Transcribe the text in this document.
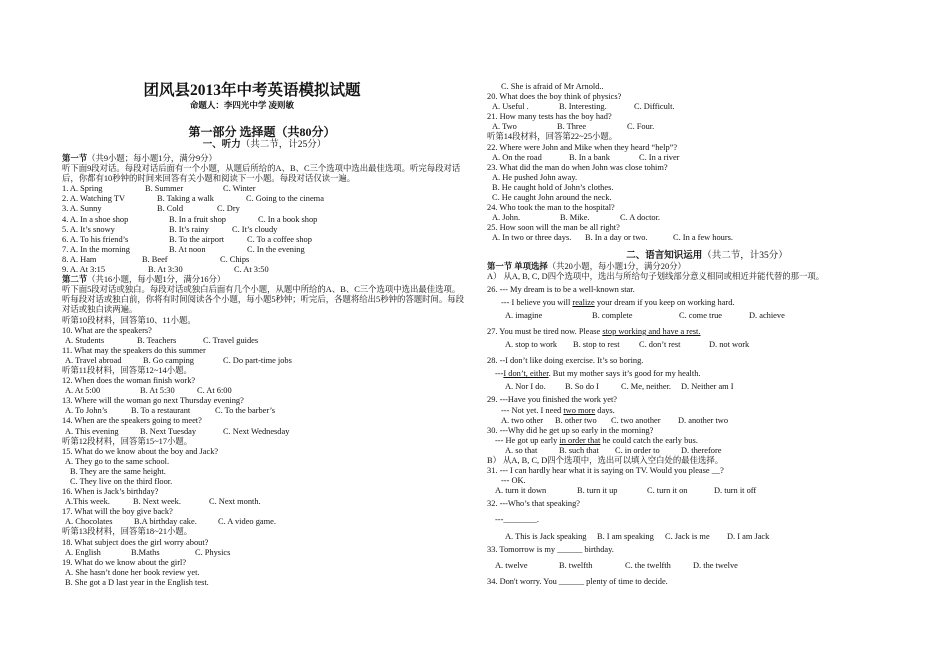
团风县2013年中考英语模拟试题
命题人：李四光中学 凌则敏
第一部分 选择题（共80分）
一、听力（共二节，计25分）
第一节（共9小题；每小题1分，满分9分）
听下面9段对话。每段对话后面有一个小题，从题后所给的A、B、C三个选项中选出最佳选项。听完每段对话后，你都有10秒钟的时间来回答有关小题和阅读下一小题。每段对话仅读一遍。
1. A. Spring	B. Summer	C. Winter
2. A. Watching TV	B. Taking a walk	C. Going to the cinema
3. A. Sunny	B. Cold	C. Dry
4. A. In a shoe shop	B. In a fruit shop	C. In a book shop
5. A. It’s snowy	B. It’s rainy	C. It’s cloudy
6. A. To his friend’s	B. To the airport	C. To a coffee shop
7. A. In the morning	B. At noon	C. In the evening
8. A. Ham	B. Beef	C. Chips
9. A. At 3:15	B. At 3:30	C. At 3:50
第二节（共16小题，每小题1分，满分16分）
听下面5段对话或独白。每段对话或独白后面有几个小题，从题中所给的A、B、C三个选项中选出最佳选项。听每段对话或独白前，你将有时间阅读各个小题，每小题5秒钟；听完后，各题将给出5秒钟的答题时间。每段对话或独白读两遍。
听第10段材料，回答第10、11小题。
10. What are the speakers?
A. Students	B. Teachers	C. Travel guides
11. What may the speakers do this summer
A. Travel abroad	B. Go camping	C. Do part-time jobs
听第11段材料，回答第12~14小题。
12. When does the woman finish work?
A. At 5:00	B. At 5:30	C. At 6:00
13. Where will the woman go next Thursday evening?
A. To John’s	B. To a restaurant	C. To the barber’s
14. When are the speakers going to meet?
A. This evening	B. Next Tuesday	C. Next Wednesday
听第12段材料，回答第15~17小题。
15. What do we know about the boy and Jack?
A. They go to the same school.
B. They are the same height.
C. They live on the third floor.
16. When is Jack’s birthday?
A.This week.	B. Next week.	C. Next month.
17. What will the boy give back?
A. Chocolates	B.A birthday cake.	C. A video game.
听第13段材料，回答第18~21小题。
18. What subject does the girl worry about?
A. English	B.Maths	C. Physics
19. What do we know about the girl?
A. She hasn’t done her book review yet.
B. She got a D last year in the English test.
C. She is afraid of Mr Arnold..
20. What does the boy think of physics?
A. Useful .	B. Interesting.	C. Difficult.
21. How many tests has the boy had?
A. Two	B. Three	C. Four.
听第14段材料，回答第22~25小题。
22. Where were John and Mike when they heard “help”?
A. On the road	B. In a bank	C. In a river
23. What did the man do when John was close tohim?
A. He pushed John away.
B. He caught hold of John’s clothes.
C. He caught John around the neck.
24. Who took the man to the hospital?
A. John.	B. Mike.	C. A doctor.
25. How soon will the man be all right?
A. In two or three days.	B. In a day or two.	C. In a few hours.
二、语言知识运用（共二节，计35分）
第一节 单项选择（共20小题，每小题1分，满分20分）
A） 从A, B, C, D四个选项中，选出与所给句子划线部分意义相同或相近并能代替的那一项。
26. --- My dream is to be a well-known star.
--- I believe you will realize your dream if you keep on working hard.
A. imagine	B. complete	C. come true	D. achieve
27. You must be tired now. Please stop working and have a rest.
A. stop to work	B. stop to rest	C. don’t rest	D. not work
28. --I don’t like doing exercise. It’s so boring.
---I don’t, either. But my mother says it’s good for my health.
A. Nor I do.	B. So do I	C. Me, neither.	D. Neither am I
29. ---Have you finished the work yet?
--- Not yet. I need two more days.
A. two other	B. other two	C. two another	D. another two
30. ---Why did he get up so early in the morning?
--- He got up early in order that he could catch the early bus.
A. so that	B. such that	C. in order to	D. therefore
B） 从A, B, C, D四个选项中，选出可以填入空白处的最佳选择。
31. --- I can hardly hear what it is saying on TV. Would you please __?
--- OK.
A. turn it down	B. turn it up	C. turn it on	D. turn it off
32. ---Who’s that speaking?
---________.
A. This is Jack speaking	B. I am speaking	C. Jack is me	D. I am Jack
33. Tomorrow is my ______ birthday.
A. twelve	B. twelfth	C. the twelfth	D. the twelve
34. Don't worry. You ______ plenty of time to decide.
